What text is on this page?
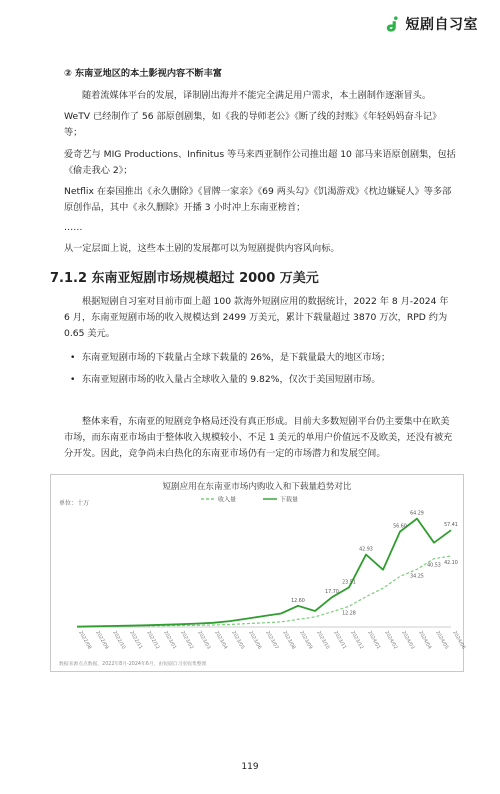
短剧自习室

② 东南亚地区的本土影视内容不断丰富

随着流媒体平台的发展，译制剧出海并不能完全满足用户需求，本土剧制作逐渐冒头。

WeTV 已经制作了 56 部原创剧集，如《我的导师老公》《断了线的封账》《年轻妈妈奋斗记》等；

爱奇艺与 MIG Productions、Infinitus 等马来西亚制作公司推出超 10 部马来语原创剧集，包括《偷走我心 2》；

Netflix 在泰国推出《永久删除》《冒牌一家亲》《69 两头勾》《饥渴游戏》《枕边嫌疑人》等多部原创作品，其中《永久删除》开播 3 小时冲上东南亚榜首；

……

从一定层面上说，这些本土剧的发展都可以为短剧提供内容风向标。

7.1.2 东南亚短剧市场规模超过 2000 万美元

根据短剧自习室对目前市面上超 100 款海外短剧应用的数据统计，2022 年 8 月-2024 年 6 月，东南亚短剧市场的收入规模达到 2499 万美元，累计下载量超过 3870 万次，RPD 约为 0.65 美元。

• 东南亚短剧市场的下载量占全球下载量的 26%，是下载量最大的地区市场；
• 东南亚短剧市场的收入量占全球收入量的 9.82%，仅次于美国短剧市场。

整体来看，东南亚的短剧竞争格局还没有真正形成。目前大多数短剧平台仍主要集中在欧美市场，而东南亚市场由于整体收入规模较小、不足 1 美元的单用户价值远不及欧美，还没有被充分开发。因此，竞争尚未白热化的东南亚市场仍有一定的市场潜力和发展空间。

短剧应用在东南亚市场内购收入和下载量趋势对比
单位：十万	收入量	下载量
2022/08 2022/09 2022/10 2022/11 2022/12 2023/01 2023/02 2023/03 2023/04 2023/05 2023/06 2023/07 2023/08 2023/09 2023/10 2023/11 2023/12 2024/01 2024/02 2024/03 2024/04 2024/05 2024/06
12.28
34.25
40.53
42.10
12.60
17.70
23.51
42.93
56.60
64.29
57.41
数据来源点点数据，2022年8月-2024年6月，由短剧自习室收集整理
119
